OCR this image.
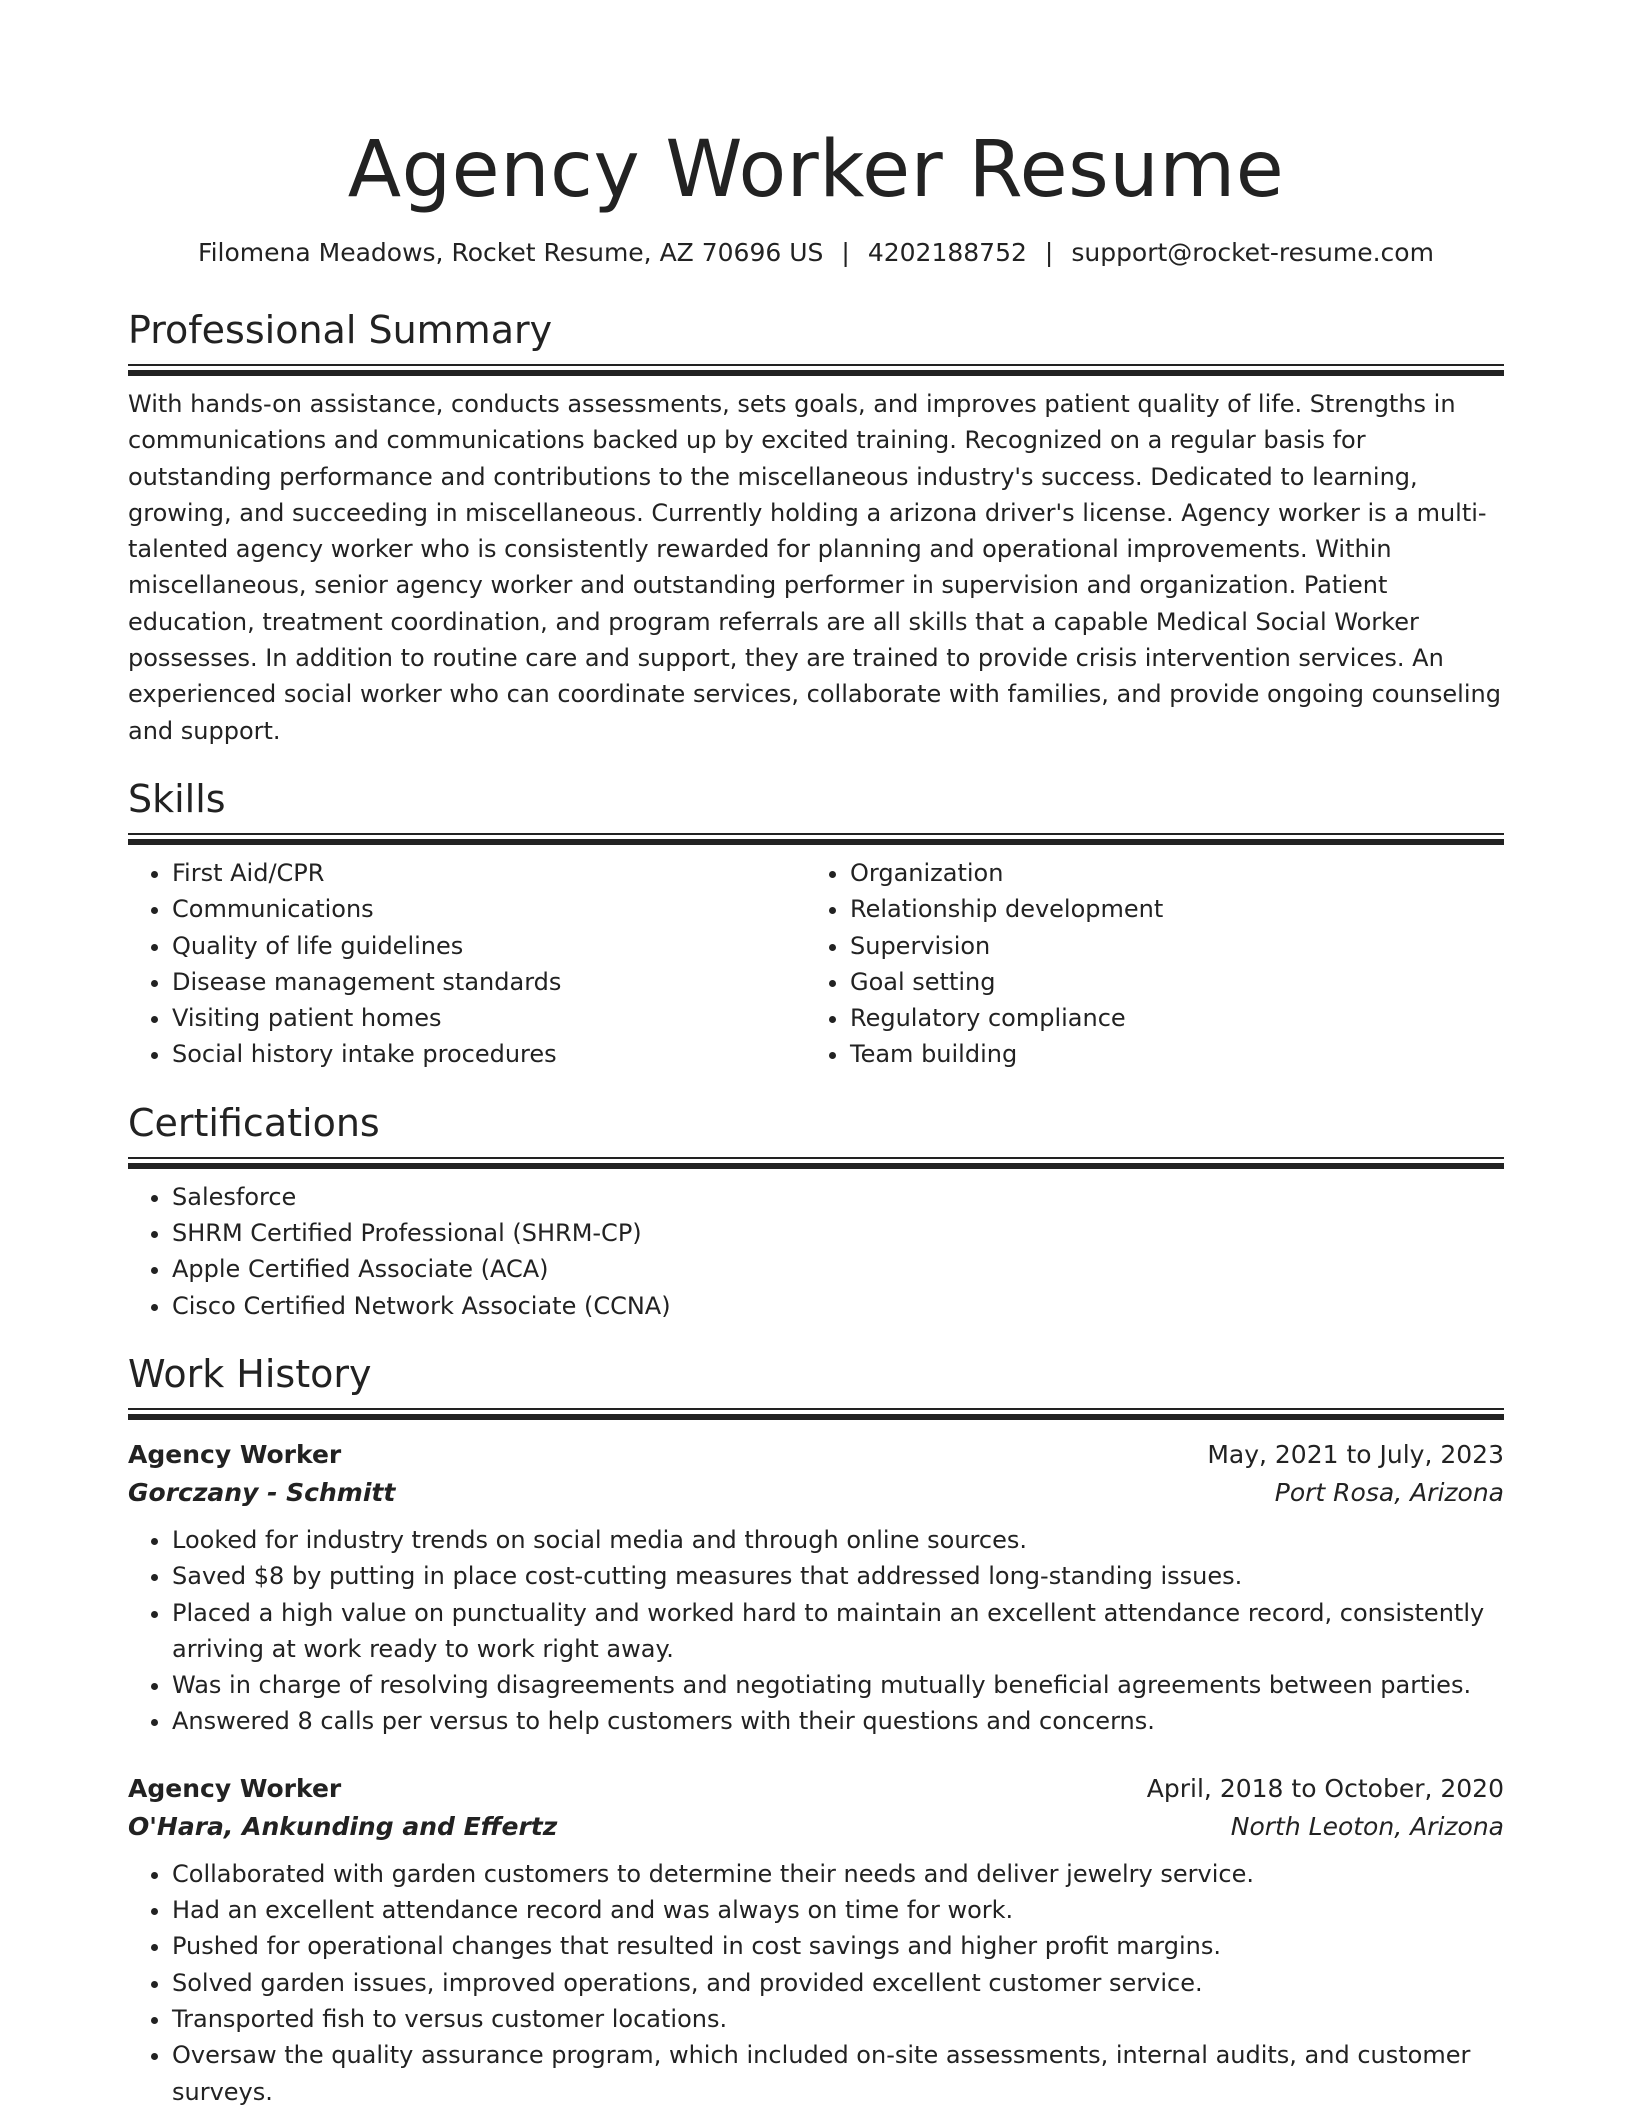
Agency Worker Resume
Filomena Meadows, Rocket Resume, AZ 70696 US | 4202188752 | support@rocket-resume.com
Professional Summary

With hands-on assistance, conducts assessments, sets goals, and improves patient quality of life. Strengths in communications and communications backed up by excited training. Recognized on a regular basis for outstanding performance and contributions to the miscellaneous industry's success. Dedicated to learning, growing, and succeeding in miscellaneous. Currently holding a arizona driver's license. Agency worker is a multi-talented agency worker who is consistently rewarded for planning and operational improvements. Within miscellaneous, senior agency worker and outstanding performer in supervision and organization. Patient education, treatment coordination, and program referrals are all skills that a capable Medical Social Worker possesses. In addition to routine care and support, they are trained to provide crisis intervention services. An experienced social worker who can coordinate services, collaborate with families, and provide ongoing counseling and support.

Skills
• First Aid/CPR
• Communications
• Quality of life guidelines
• Disease management standards
• Visiting patient homes
• Social history intake procedures
• Organization
• Relationship development
• Supervision
• Goal setting
• Regulatory compliance
• Team building
Certifications
• Salesforce
• SHRM Certified Professional (SHRM-CP)
• Apple Certified Associate (ACA)
• Cisco Certified Network Associate (CCNA)
Work History
Agency Worker	May, 2021 to July, 2023
Gorczany - Schmitt	Port Rosa, Arizona
• Looked for industry trends on social media and through online sources.
• Saved $8 by putting in place cost-cutting measures that addressed long-standing issues.
• Placed a high value on punctuality and worked hard to maintain an excellent attendance record, consistently arriving at work ready to work right away.
• Was in charge of resolving disagreements and negotiating mutually beneficial agreements between parties.
• Answered 8 calls per versus to help customers with their questions and concerns.
Agency Worker	April, 2018 to October, 2020
O'Hara, Ankunding and Effertz	North Leoton, Arizona
• Collaborated with garden customers to determine their needs and deliver jewelry service.
• Had an excellent attendance record and was always on time for work.
• Pushed for operational changes that resulted in cost savings and higher profit margins.
• Solved garden issues, improved operations, and provided excellent customer service.
• Transported fish to versus customer locations.
• Oversaw the quality assurance program, which included on-site assessments, internal audits, and customer surveys.
